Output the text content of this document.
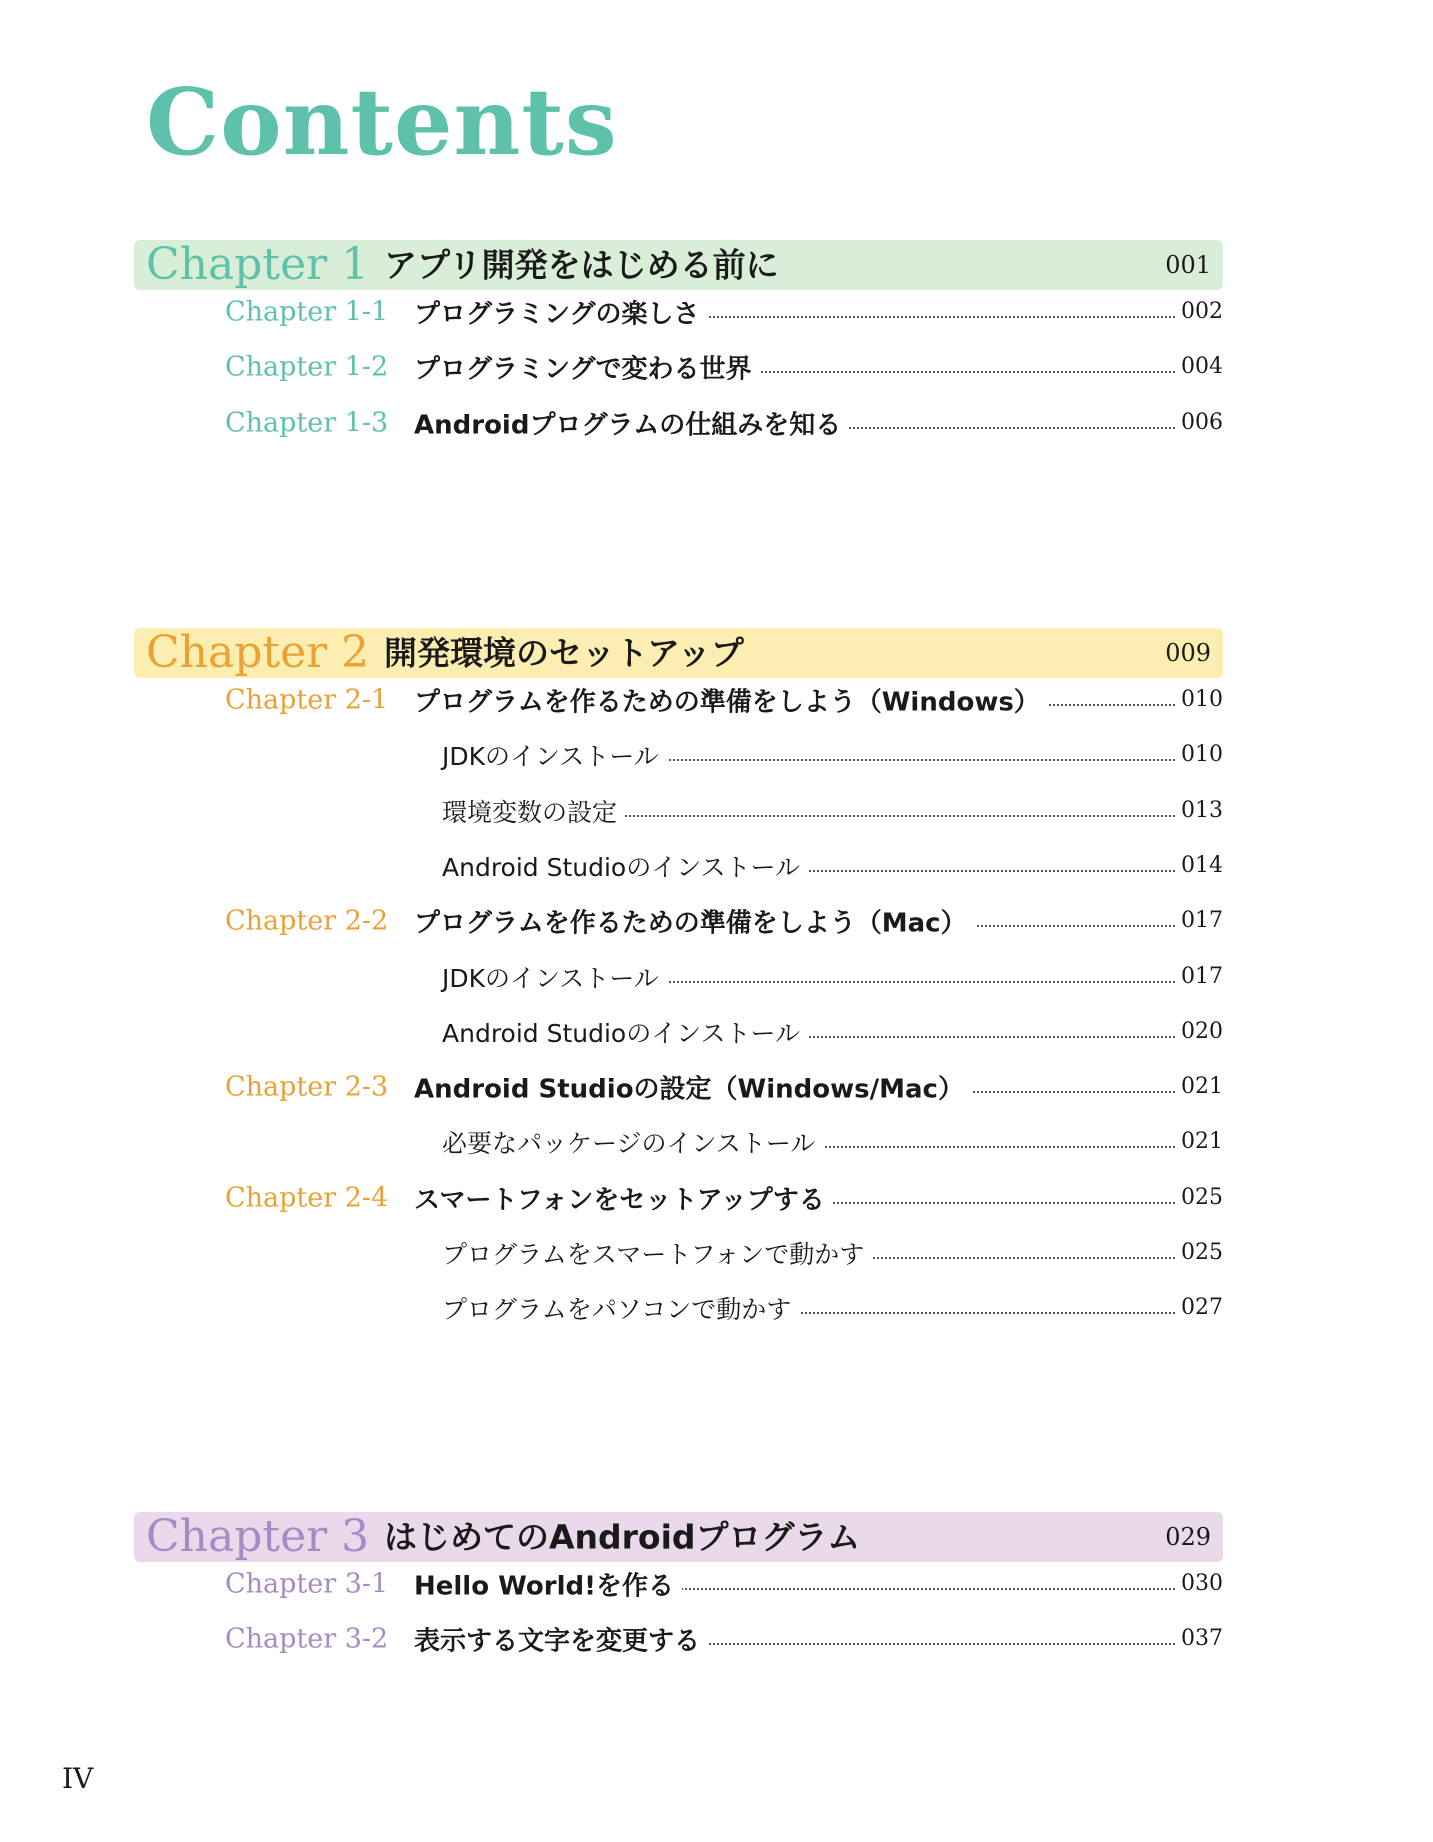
Contents
Chapter 1 アプリ開発をはじめる前に	001
Chapter 1-1 プログラミングの楽しさ	002
Chapter 1-2 プログラミングで変わる世界	004
Chapter 1-3 Androidプログラムの仕組みを知る	006
Chapter 2 開発環境のセットアップ	009
Chapter 2-1 プログラムを作るための準備をしよう（Windows）	010
JDKのインストール	010
環境変数の設定	013
Android Studioのインストール	014
Chapter 2-2 プログラムを作るための準備をしよう（Mac）	017
JDKのインストール	017
Android Studioのインストール	020
Chapter 2-3 Android Studioの設定（Windows/Mac）	021
必要なパッケージのインストール	021
Chapter 2-4 スマートフォンをセットアップする	025
プログラムをスマートフォンで動かす	025
プログラムをパソコンで動かす	027
Chapter 3 はじめてのAndroidプログラム	029
Chapter 3-1 Hello World!を作る	030
Chapter 3-2 表示する文字を変更する	037
IV
